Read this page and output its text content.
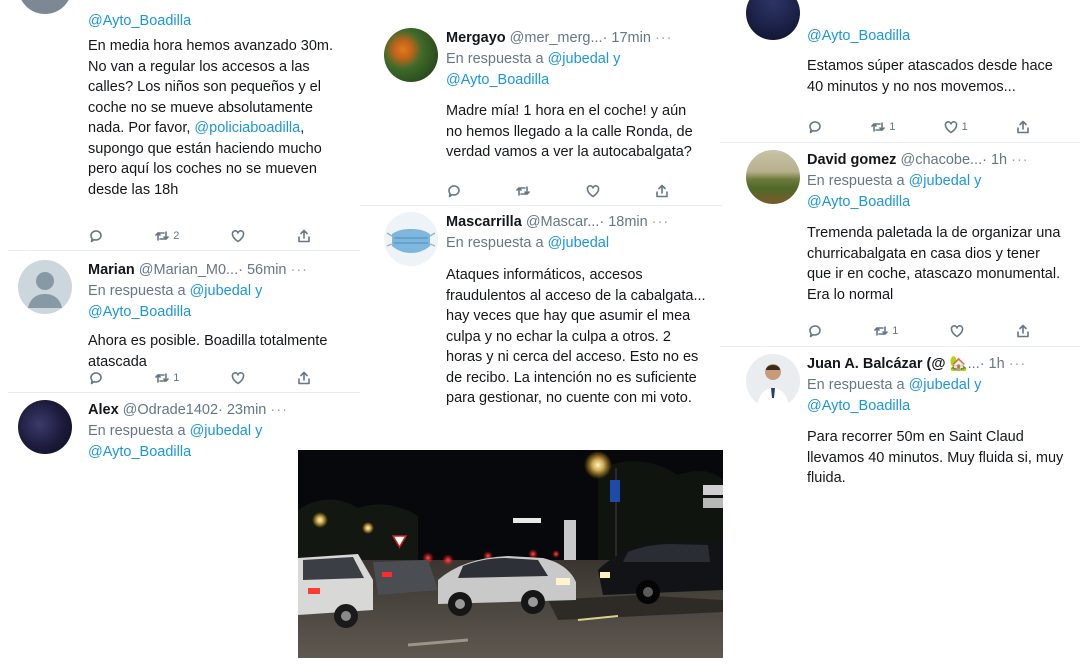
@Ayto_Boadilla
En media hora hemos avanzado 30m. No van a regular los accesos a las calles? Los niños son pequeños y el coche no se mueve absolutamente nada. Por favor, @policiaboadilla, supongo que están haciendo mucho pero aquí los coches no se mueven desde las 18h
2
Marian @Marian_M0...· 56min ···
En respuesta a @jubedal y
@Ayto_Boadilla
Ahora es posible. Boadilla totalmente atascada
1
Alex @Odrade1402· 23min ···
En respuesta a @jubedal y
@Ayto_Boadilla
Mergayo @mer_merg...· 17min ···
En respuesta a @jubedal y
@Ayto_Boadilla
Madre mía! 1 hora en el coche! y aún no hemos llegado a la calle Ronda, de verdad vamos a ver la autocabalgata?
Mascarrilla @Mascar...· 18min ···
En respuesta a @jubedal
Ataques informáticos, accesos fraudulentos al acceso de la cabalgata... hay veces que hay que asumir el mea culpa y no echar la culpa a otros. 2 horas y ni cerca del acceso. Esto no es de recibo. La intención no es suficiente para gestionar, no cuente con mi voto.
@Ayto_Boadilla
Estamos súper atascados desde hace 40 minutos y no nos movemos...
1	1
David gomez @chacobe...· 1h ···
En respuesta a @jubedal y
@Ayto_Boadilla
Tremenda paletada la de organizar una churricabalgata en casa dios y tener que ir en coche, atascazo monumental.
Era lo normal
1
Juan A. Balcázar (@ 🏡...· 1h ···
En respuesta a @jubedal y
@Ayto_Boadilla
Para recorrer 50m en Saint Claud llevamos 40 minutos. Muy fluida si, muy fluida.
